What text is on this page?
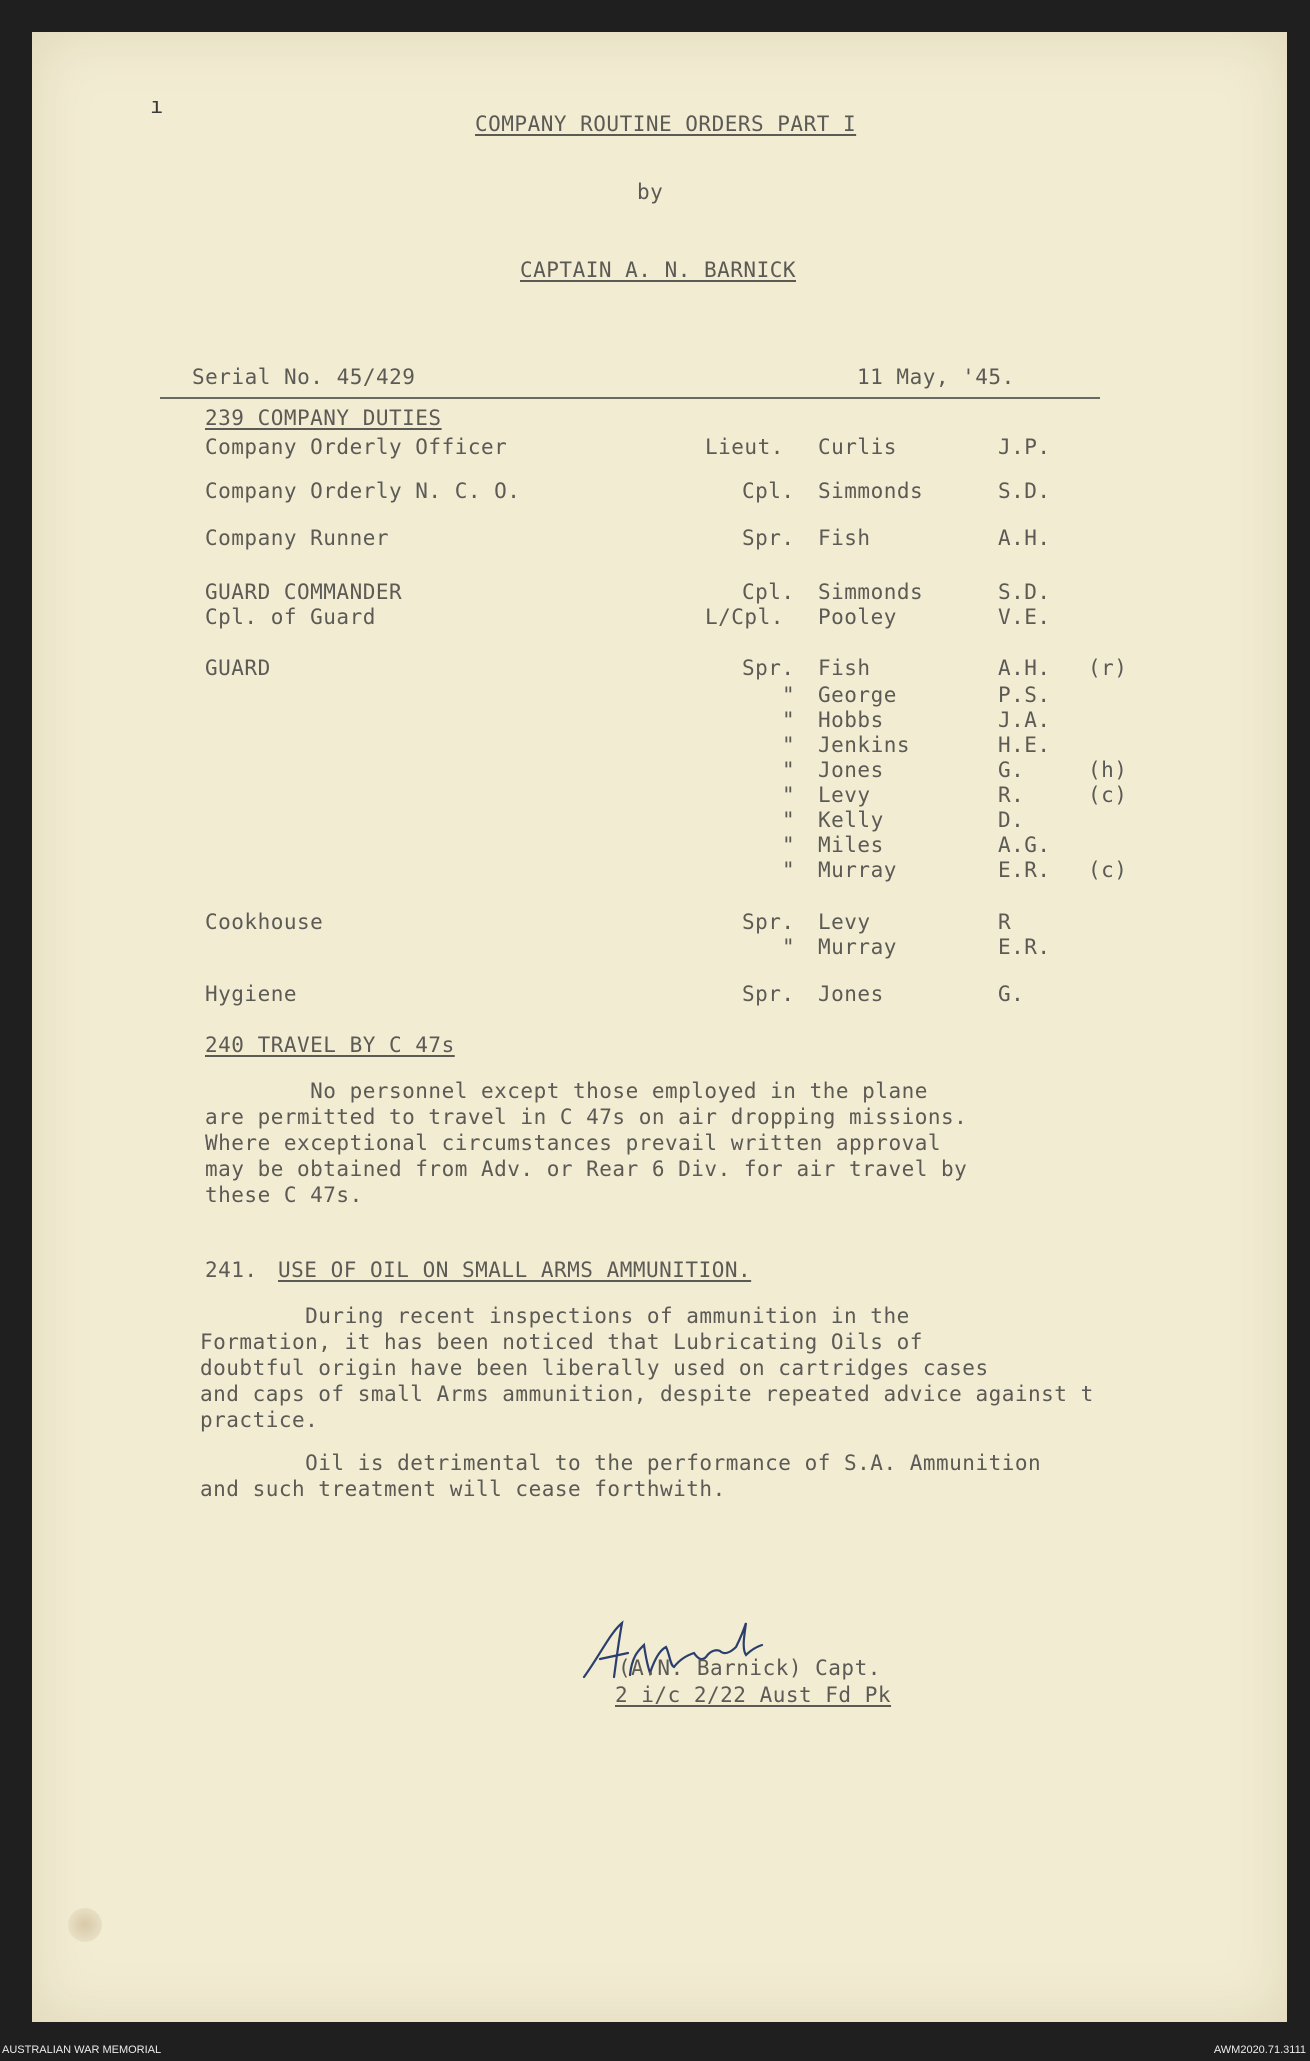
ı
COMPANY ROUTINE ORDERS PART I
by
CAPTAIN A. N. BARNICK
Serial No. 45/429	11 May, '45.
239 COMPANY DUTIES
Company Orderly Officer	Lieut. Curlis	J.P.
Company Orderly N. C. O.	Cpl. Simmonds	S.D.
Company Runner	Spr. Fish	A.H.
GUARD COMMANDER	Cpl. Simmonds	S.D.
Cpl. of Guard	L/Cpl. Pooley	V.E.
GUARD	Spr. Fish	A.H. (r)
" George	P.S.
" Hobbs	J.A.
" Jenkins	H.E.
" Jones	G.	(h)
" Levy	R.	(c)
" Kelly	D.
" Miles	A.G.
" Murray	E.R. (c)
Cookhouse	Spr. Levy	R
" Murray	E.R.
Hygiene	Spr. Jones	G.
240 TRAVEL BY C 47s
No personnel except those employed in the plane
are permitted to travel in C 47s on air dropping missions.
Where exceptional circumstances prevail written approval
may be obtained from Adv. or Rear 6 Div. for air travel by
these C 47s.
241. USE OF OIL ON SMALL ARMS AMMUNITION.
During recent inspections of ammunition in the
Formation, it has been noticed that Lubricating Oils of
doubtful origin have been liberally used on cartridges cases
and caps of small Arms ammunition, despite repeated advice against t
practice.
Oil is detrimental to the performance of S.A. Ammunition
and such treatment will cease forthwith.
(A.N. Barnick) Capt.
2 i/c 2/22 Aust Fd Pk
AUSTRALIAN WAR MEMORIAL	AWM2020.71.3111
